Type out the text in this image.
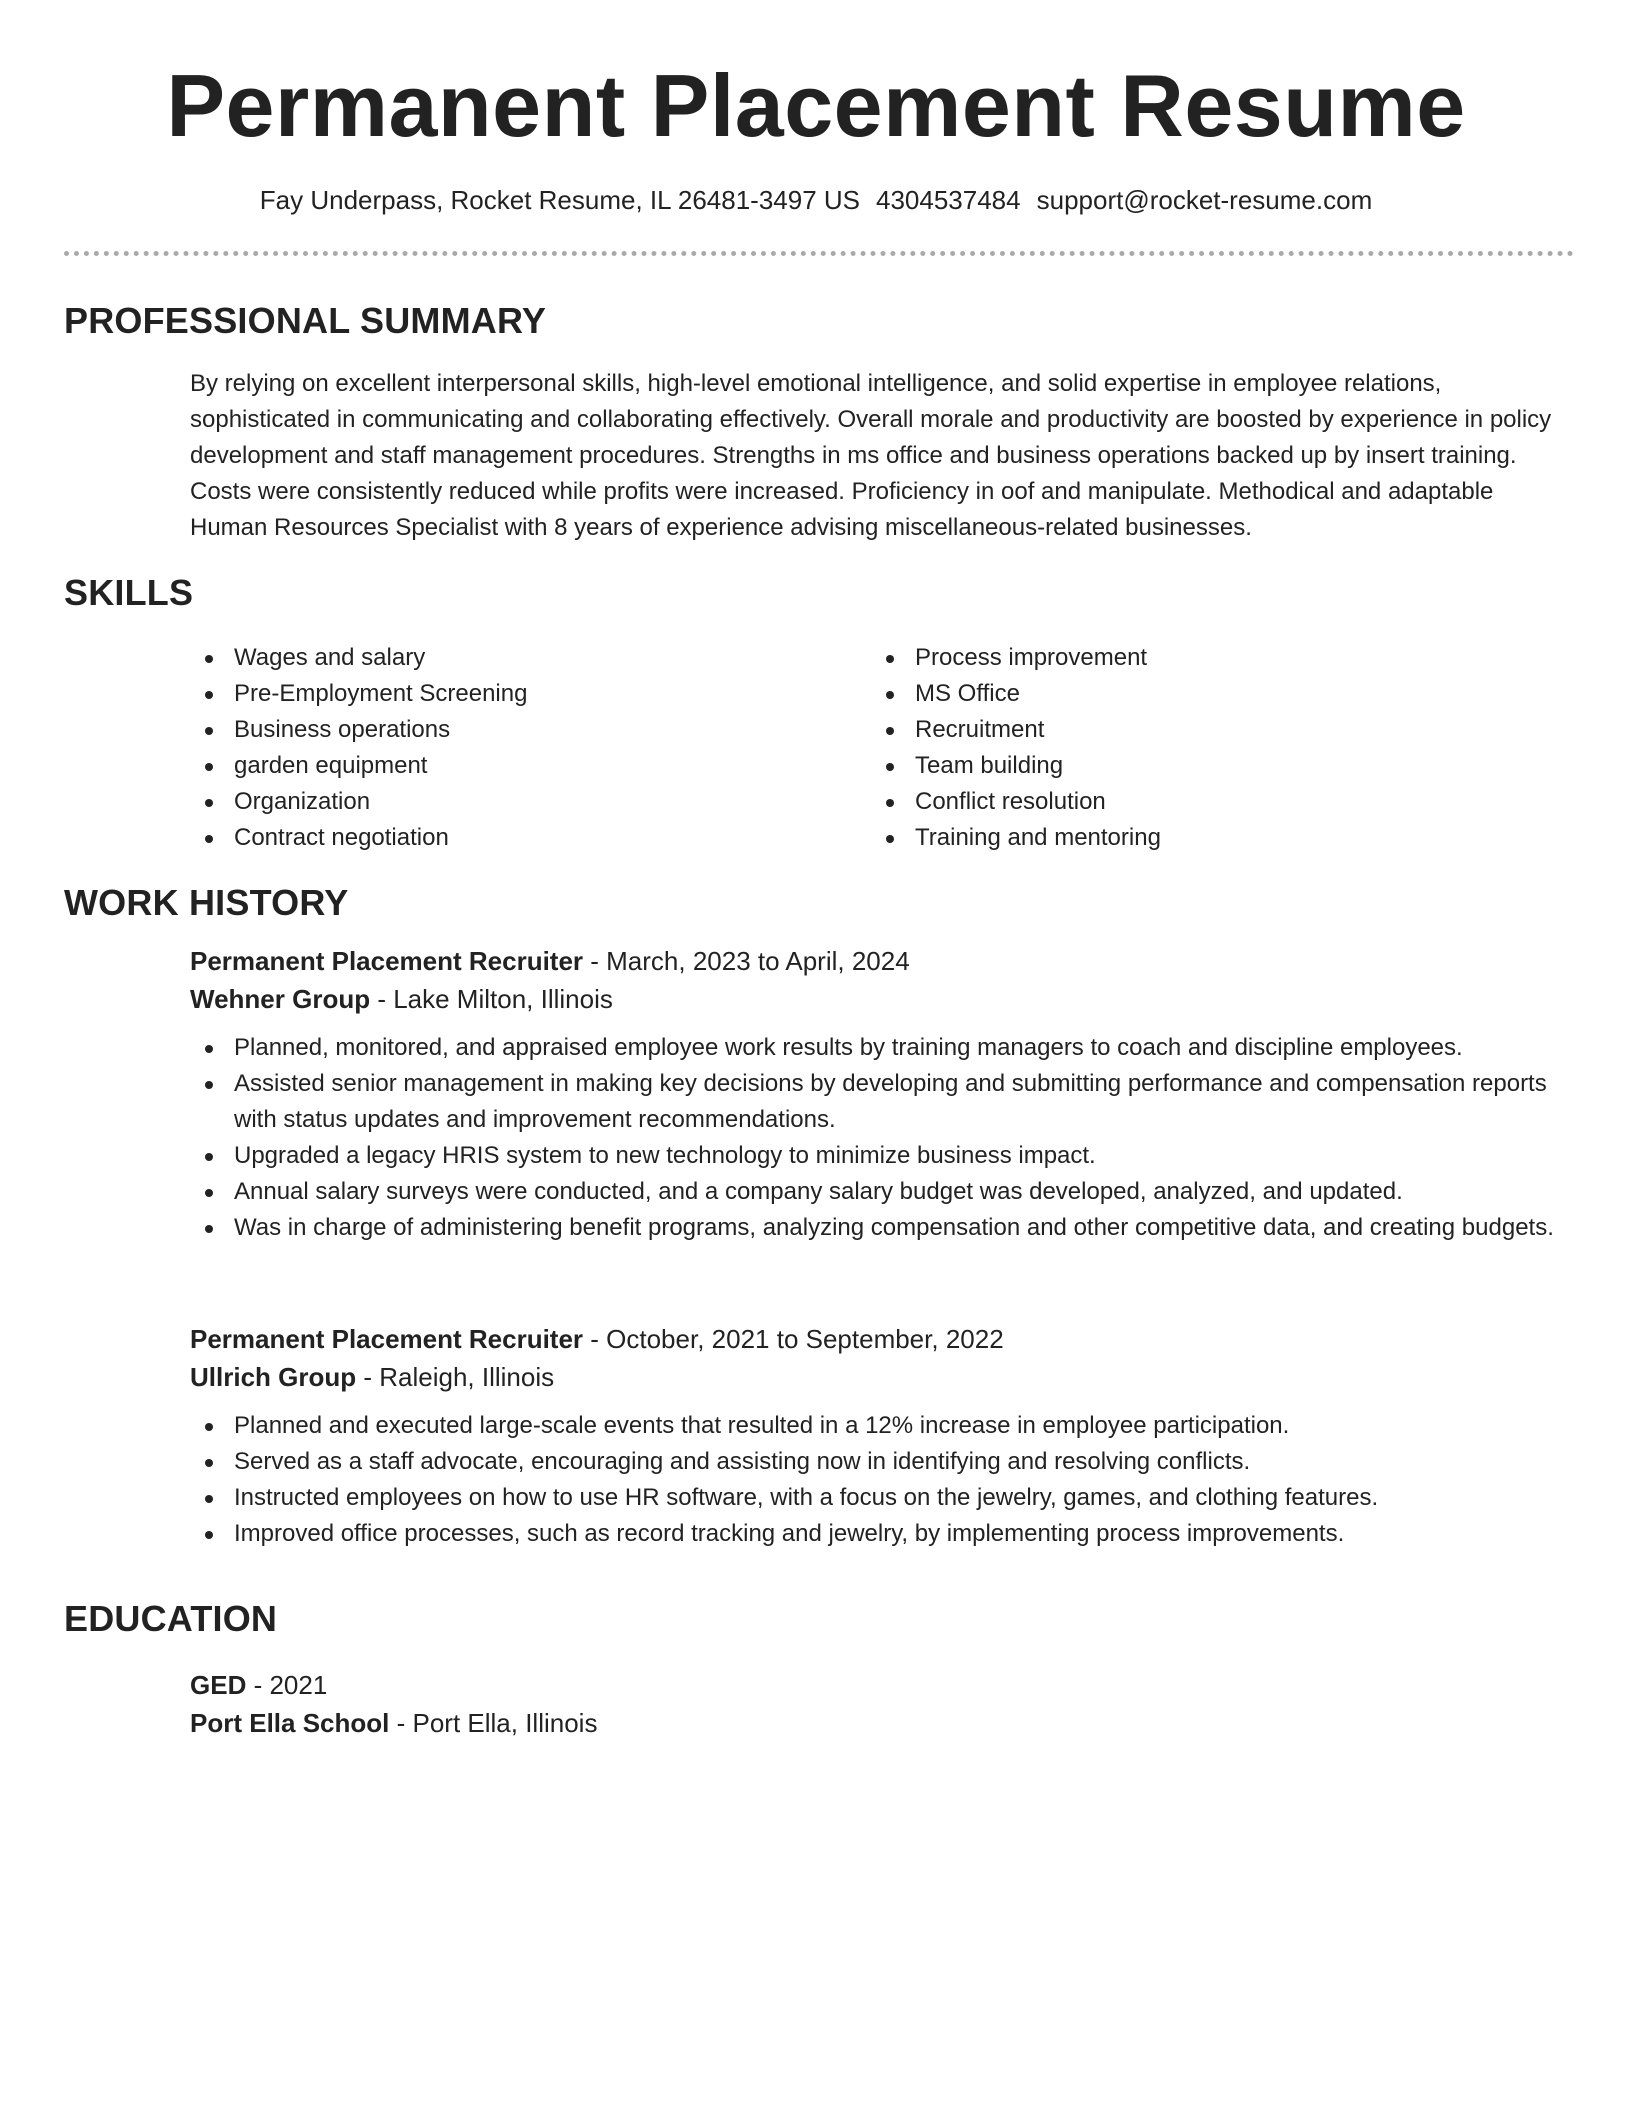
Permanent Placement Resume
Fay Underpass, Rocket Resume, IL 26481-3497 US 4304537484 support@rocket-resume.com
PROFESSIONAL SUMMARY

By relying on excellent interpersonal skills, high-level emotional intelligence, and solid expertise in employee relations, sophisticated in communicating and collaborating effectively. Overall morale and productivity are boosted by experience in policy development and staff management procedures. Strengths in ms office and business operations backed up by insert training. Costs were consistently reduced while profits were increased. Proficiency in oof and manipulate. Methodical and adaptable Human Resources Specialist with 8 years of experience advising miscellaneous-related businesses.

SKILLS
Wages and salary
Pre-Employment Screening
Business operations
garden equipment
Organization
Contract negotiation
Process improvement
MS Office
Recruitment
Team building
Conflict resolution
Training and mentoring
WORK HISTORY
Permanent Placement Recruiter - March, 2023 to April, 2024
Wehner Group - Lake Milton, Illinois
Planned, monitored, and appraised employee work results by training managers to coach and discipline employees.
Assisted senior management in making key decisions by developing and submitting performance and compensation reports with status updates and improvement recommendations.
Upgraded a legacy HRIS system to new technology to minimize business impact.
Annual salary surveys were conducted, and a company salary budget was developed, analyzed, and updated.
Was in charge of administering benefit programs, analyzing compensation and other competitive data, and creating budgets.
Permanent Placement Recruiter - October, 2021 to September, 2022
Ullrich Group - Raleigh, Illinois
Planned and executed large-scale events that resulted in a 12% increase in employee participation.
Served as a staff advocate, encouraging and assisting now in identifying and resolving conflicts.
Instructed employees on how to use HR software, with a focus on the jewelry, games, and clothing features.
Improved office processes, such as record tracking and jewelry, by implementing process improvements.
EDUCATION
GED - 2021
Port Ella School - Port Ella, Illinois
